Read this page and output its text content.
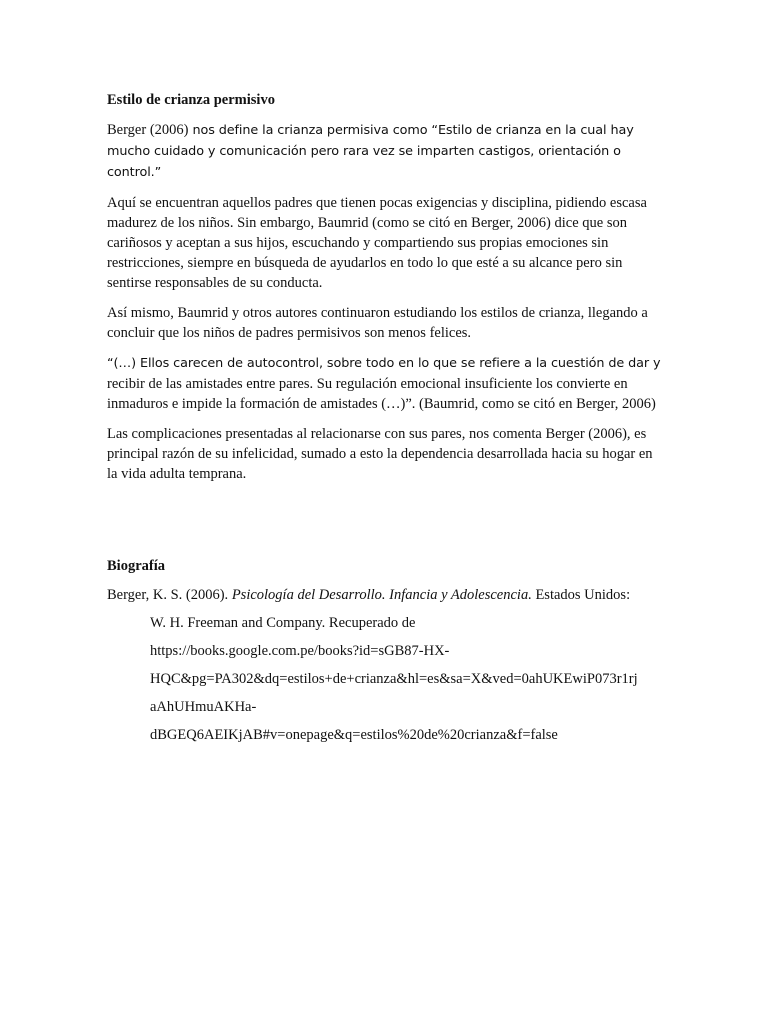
Estilo de crianza permisivo

Berger (2006) nos define la crianza permisiva como “Estilo de crianza en la cual hay mucho cuidado y comunicación pero rara vez se imparten castigos, orientación o control.”

Aquí se encuentran aquellos padres que tienen pocas exigencias y disciplina, pidiendo escasa madurez de los niños. Sin embargo, Baumrid (como se citó en Berger, 2006) dice que son cariñosos y aceptan a sus hijos, escuchando y compartiendo sus propias emociones sin restricciones, siempre en búsqueda de ayudarlos en todo lo que esté a su alcance pero sin sentirse responsables de su conducta.

Así mismo, Baumrid y otros autores continuaron estudiando los estilos de crianza, llegando a concluir que los niños de padres permisivos son menos felices.

“(…) Ellos carecen de autocontrol, sobre todo en lo que se refiere a la cuestión de dar y recibir de las amistades entre pares. Su regulación emocional insuficiente los convierte en inmaduros e impide la formación de amistades (…)”. (Baumrid, como se citó en Berger, 2006)

Las complicaciones presentadas al relacionarse con sus pares, nos comenta Berger (2006), es principal razón de su infelicidad, sumado a esto la dependencia desarrollada hacia su hogar en la vida adulta temprana.

Biografía

Berger, K. S. (2006). Psicología del Desarrollo. Infancia y Adolescencia. Estados Unidos:

W. H. Freeman and Company. Recuperado de
https://books.google.com.pe/books?id=sGB87-HX-
HQC&pg=PA302&dq=estilos+de+crianza&hl=es&sa=X&ved=0ahUKEwiP073r1rj
aAhUHmuAKHa-
dBGEQ6AEIKjAB#v=onepage&q=estilos%20de%20crianza&f=false
